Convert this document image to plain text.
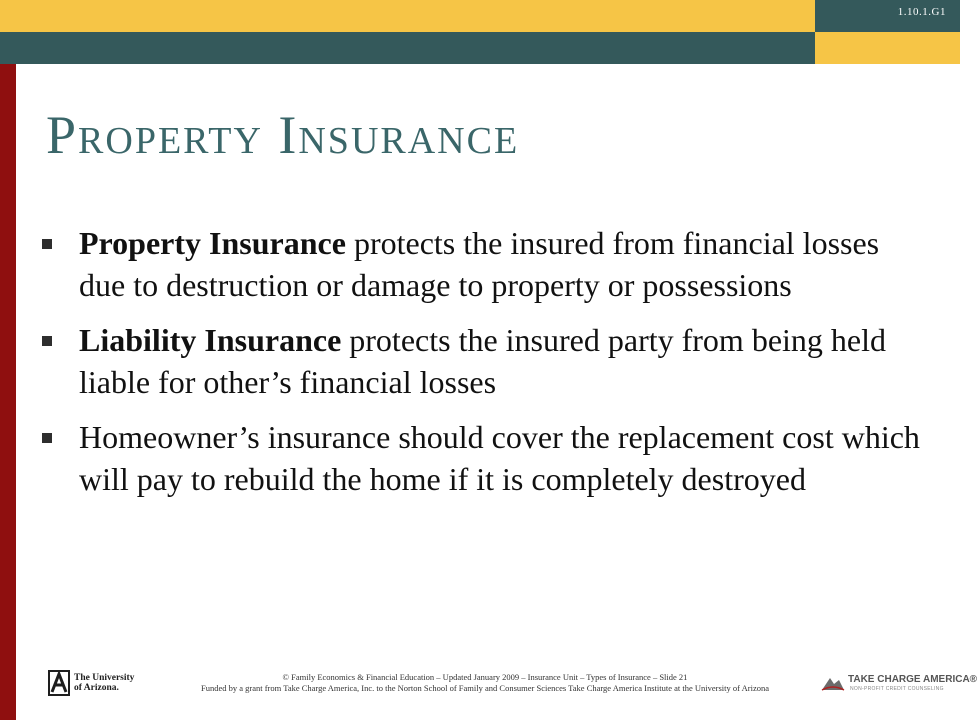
1.10.1.G1
Property Insurance
Property Insurance protects the insured from financial losses due to destruction or damage to property or possessions
Liability Insurance protects the insured party from being held liable for other’s financial losses
Homeowner’s insurance should cover the replacement cost which will pay to rebuild the home if it is completely destroyed
The University
of Arizona.
© Family Economics & Financial Education – Updated January 2009 – Insurance Unit – Types of Insurance – Slide 21
Funded by a grant from Take Charge America, Inc. to the Norton School of Family and Consumer Sciences Take Charge America Institute at the University of Arizona
TAKE CHARGE AMERICA®
NON-PROFIT CREDIT COUNSELING
